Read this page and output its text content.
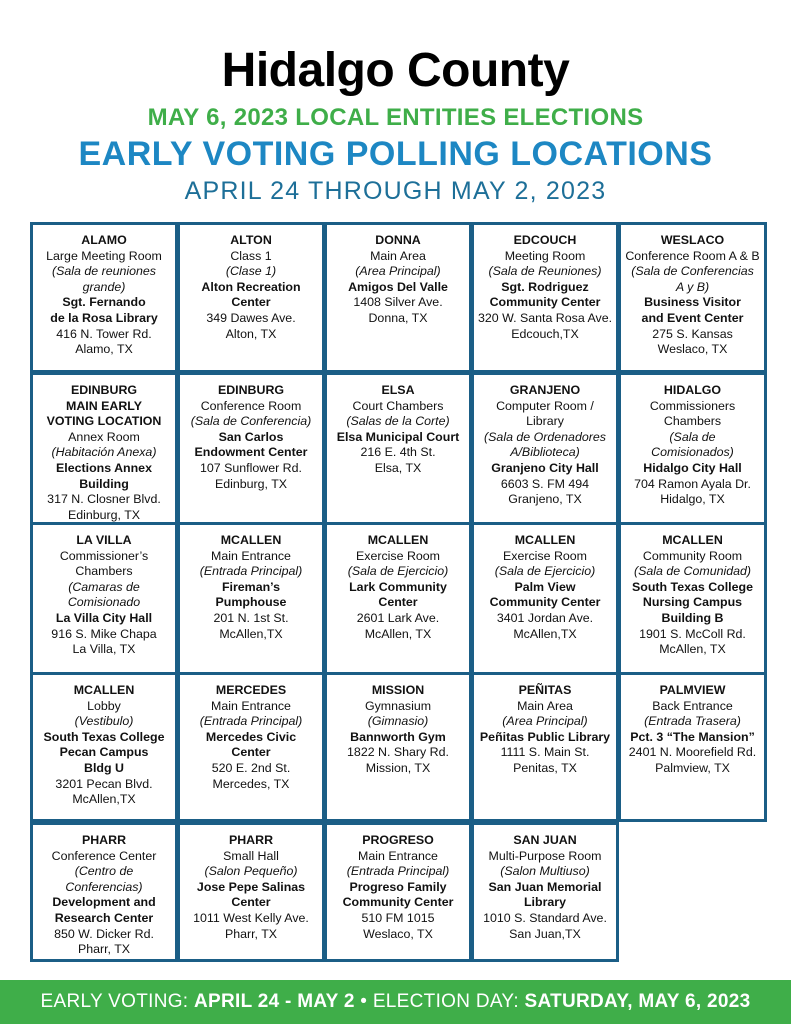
Hidalgo County
MAY 6, 2023 LOCAL ENTITIES ELECTIONS
EARLY VOTING POLLING LOCATIONS
APRIL 24 THROUGH MAY 2, 2023
ALAMO
Large Meeting Room
(Sala de reuniones
grande)
Sgt. Fernando
de la Rosa Library
416 N. Tower Rd.
Alamo, TX
ALTON
Class 1
(Clase 1)
Alton Recreation
Center
349 Dawes Ave.
Alton, TX
DONNA
Main Area
(Area Principal)
Amigos Del Valle
1408 Silver Ave.
Donna, TX
EDCOUCH
Meeting Room
(Sala de Reuniones)
Sgt. Rodriguez
Community Center
320 W. Santa Rosa Ave.
Edcouch,TX
WESLACO
Conference Room A & B
(Sala de Conferencias
A y B)
Business Visitor
and Event Center
275 S. Kansas
Weslaco, TX
EDINBURG
MAIN EARLY
VOTING LOCATION
Annex Room
(Habitación Anexa)
Elections Annex
Building
317 N. Closner Blvd.
Edinburg, TX
EDINBURG
Conference Room
(Sala de Conferencia)
San Carlos
Endowment Center
107 Sunflower Rd.
Edinburg, TX
ELSA
Court Chambers
(Salas de la Corte)
Elsa Municipal Court
216 E. 4th St.
Elsa, TX
GRANJENO
Computer Room /
Library
(Sala de Ordenadores
A/Biblioteca)
Granjeno City Hall
6603 S. FM 494
Granjeno, TX
HIDALGO
Commissioners
Chambers
(Sala de
Comisionados)
Hidalgo City Hall
704 Ramon Ayala Dr.
Hidalgo, TX
LA VILLA
Commissioner’s
Chambers
(Camaras de
Comisionado
La Villa City Hall
916 S. Mike Chapa
La Villa, TX
MCALLEN
Main Entrance
(Entrada Principal)
Fireman’s
Pumphouse
201 N. 1st St.
McAllen,TX
MCALLEN
Exercise Room
(Sala de Ejercicio)
Lark Community
Center
2601 Lark Ave.
McAllen, TX
MCALLEN
Exercise Room
(Sala de Ejercicio)
Palm View
Community Center
3401 Jordan Ave.
McAllen,TX
MCALLEN
Community Room
(Sala de Comunidad)
South Texas College
Nursing Campus
Building B
1901 S. McColl Rd.
McAllen, TX
MCALLEN
Lobby
(Vestibulo)
South Texas College
Pecan Campus
Bldg U
3201 Pecan Blvd.
McAllen,TX
MERCEDES
Main Entrance
(Entrada Principal)
Mercedes Civic
Center
520 E. 2nd St.
Mercedes, TX
MISSION
Gymnasium
(Gimnasio)
Bannworth Gym
1822 N. Shary Rd.
Mission, TX
PEÑITAS
Main Area
(Area Principal)
Peñitas Public Library
1111 S. Main St.
Penitas, TX
PALMVIEW
Back Entrance
(Entrada Trasera)
Pct. 3 “The Mansion”
2401 N. Moorefield Rd.
Palmview, TX
PHARR
Conference Center
(Centro de
Conferencias)
Development and
Research Center
850 W. Dicker Rd.
Pharr, TX
PHARR
Small Hall
(Salon Pequeño)
Jose Pepe Salinas
Center
1011 West Kelly Ave.
Pharr, TX
PROGRESO
Main Entrance
(Entrada Principal)
Progreso Family
Community Center
510 FM 1015
Weslaco, TX
SAN JUAN
Multi-Purpose Room
(Salon Multiuso)
San Juan Memorial
Library
1010 S. Standard Ave.
San Juan,TX
EARLY VOTING: APRIL 24 - MAY 2 • ELECTION DAY: SATURDAY, MAY 6, 2023
